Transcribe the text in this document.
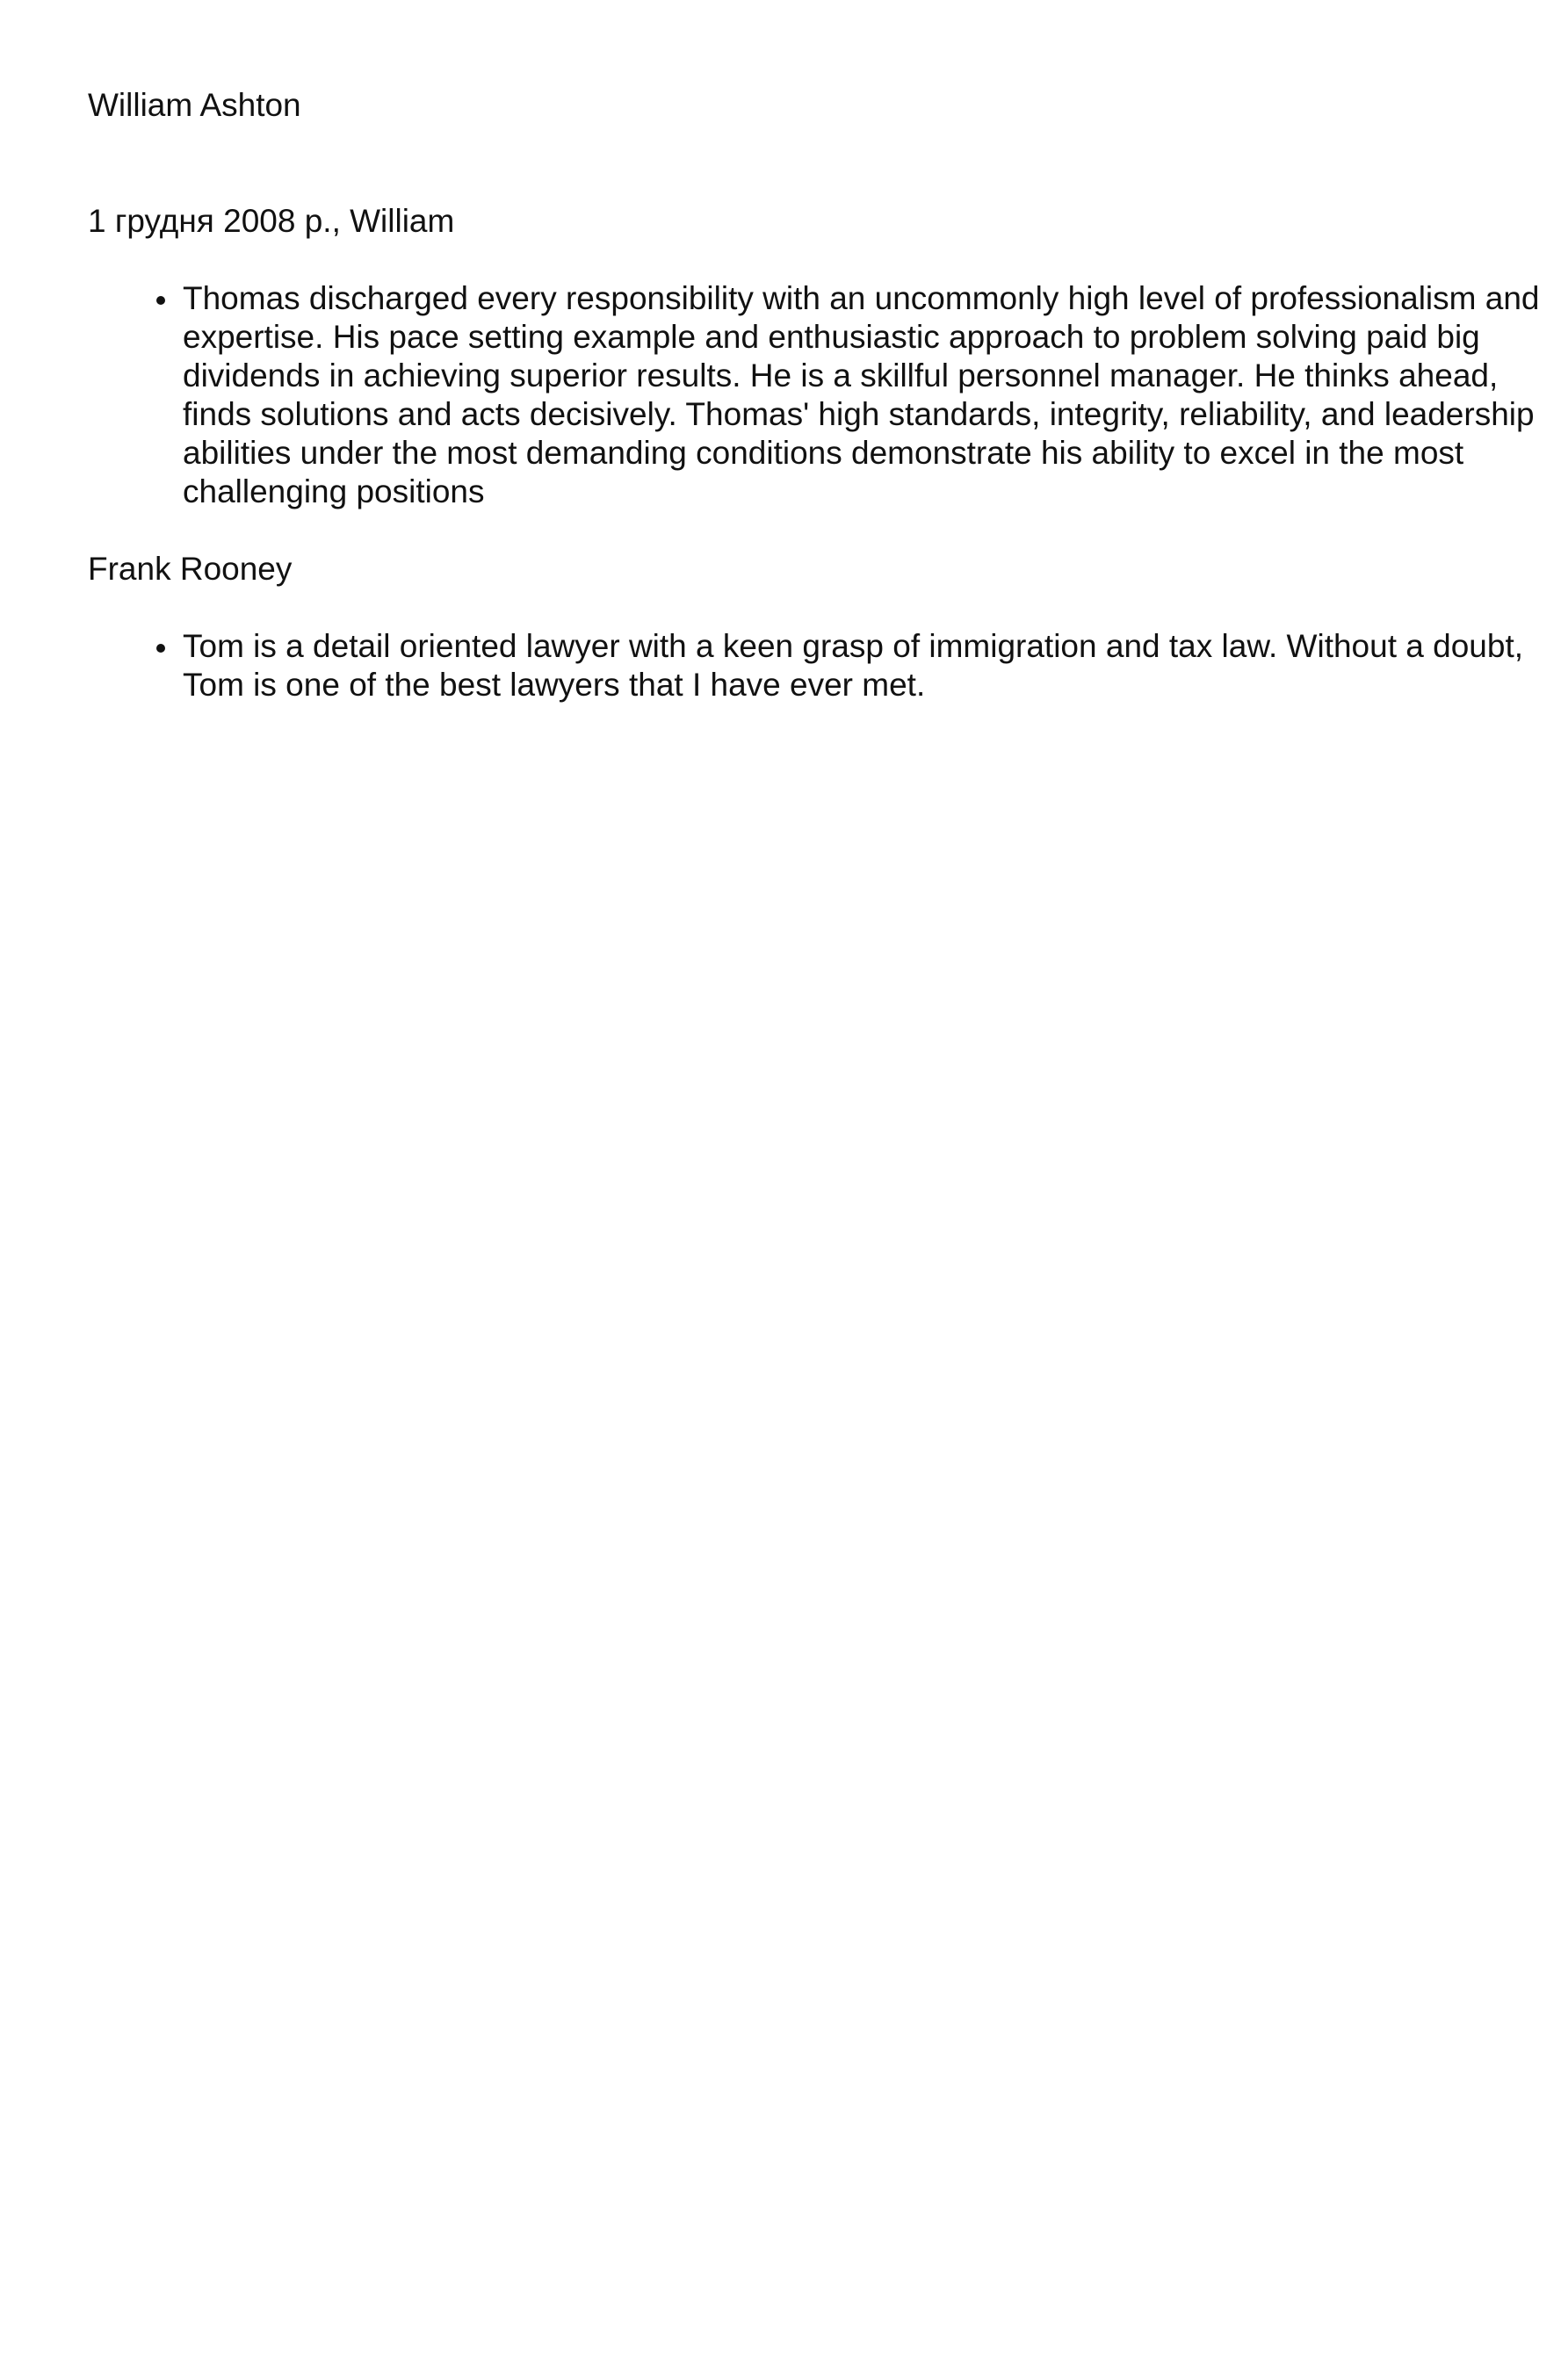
William Ashton

1 грудня 2008 р., William

Thomas discharged every responsibility with an uncommonly high level of professionalism and expertise. His pace setting example and enthusiastic approach to problem solving paid big dividends in achieving superior results. He is a skillful personnel manager. He thinks ahead, finds solutions and acts decisively. Thomas' high standards, integrity, reliability, and leadership abilities under the most demanding conditions demonstrate his ability to excel in the most challenging positions

Frank Rooney

Tom is a detail oriented lawyer with a keen grasp of immigration and tax law. Without a doubt, Tom is one of the best lawyers that I have ever met.
